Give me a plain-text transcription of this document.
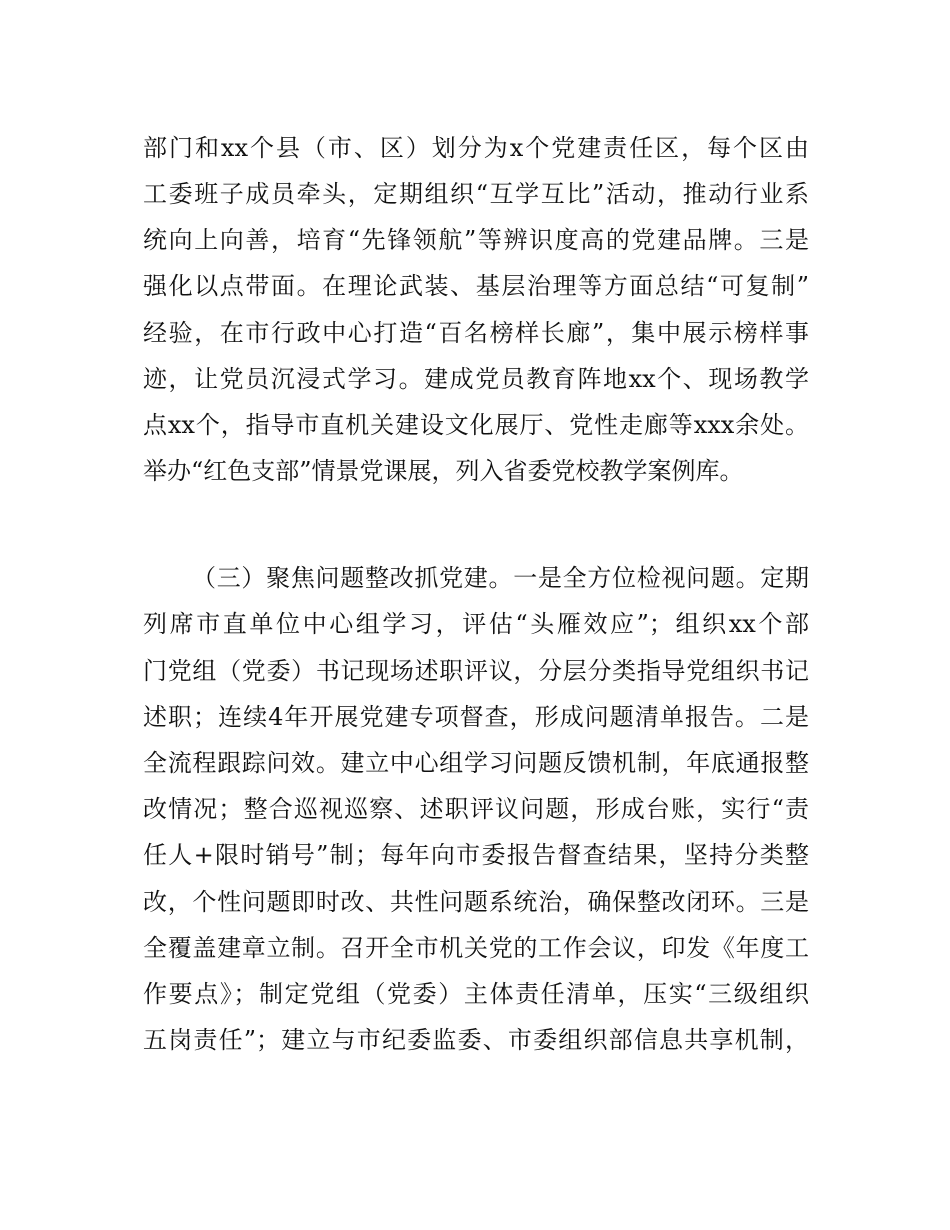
部门和xx个县（市、区）划分为x个党建责任区，每个区由
工委班子成员牵头，定期组织“互学互比”活动，推动行业系
统向上向善，培育“先锋领航”等辨识度高的党建品牌。三是
强化以点带面。在理论武装、基层治理等方面总结“可复制”
经验，在市行政中心打造“百名榜样长廊”，集中展示榜样事
迹，让党员沉浸式学习。建成党员教育阵地xx个、现场教学
点xx个，指导市直机关建设文化展厅、党性走廊等xxx余处。
举办“红色支部”情景党课展，列入省委党校教学案例库。
（三）聚焦问题整改抓党建。一是全方位检视问题。定期
列席市直单位中心组学习，评估“头雁效应”；组织xx个部
门党组（党委）书记现场述职评议，分层分类指导党组织书记
述职；连续4年开展党建专项督查，形成问题清单报告。二是
全流程跟踪问效。建立中心组学习问题反馈机制，年底通报整
改情况；整合巡视巡察、述职评议问题，形成台账，实行“责
任人+限时销号”制；每年向市委报告督查结果，坚持分类整
改，个性问题即时改、共性问题系统治，确保整改闭环。三是
全覆盖建章立制。召开全市机关党的工作会议，印发《年度工
作要点》；制定党组（党委）主体责任清单，压实“三级组织
五岗责任”；建立与市纪委监委、市委组织部信息共享机制，
